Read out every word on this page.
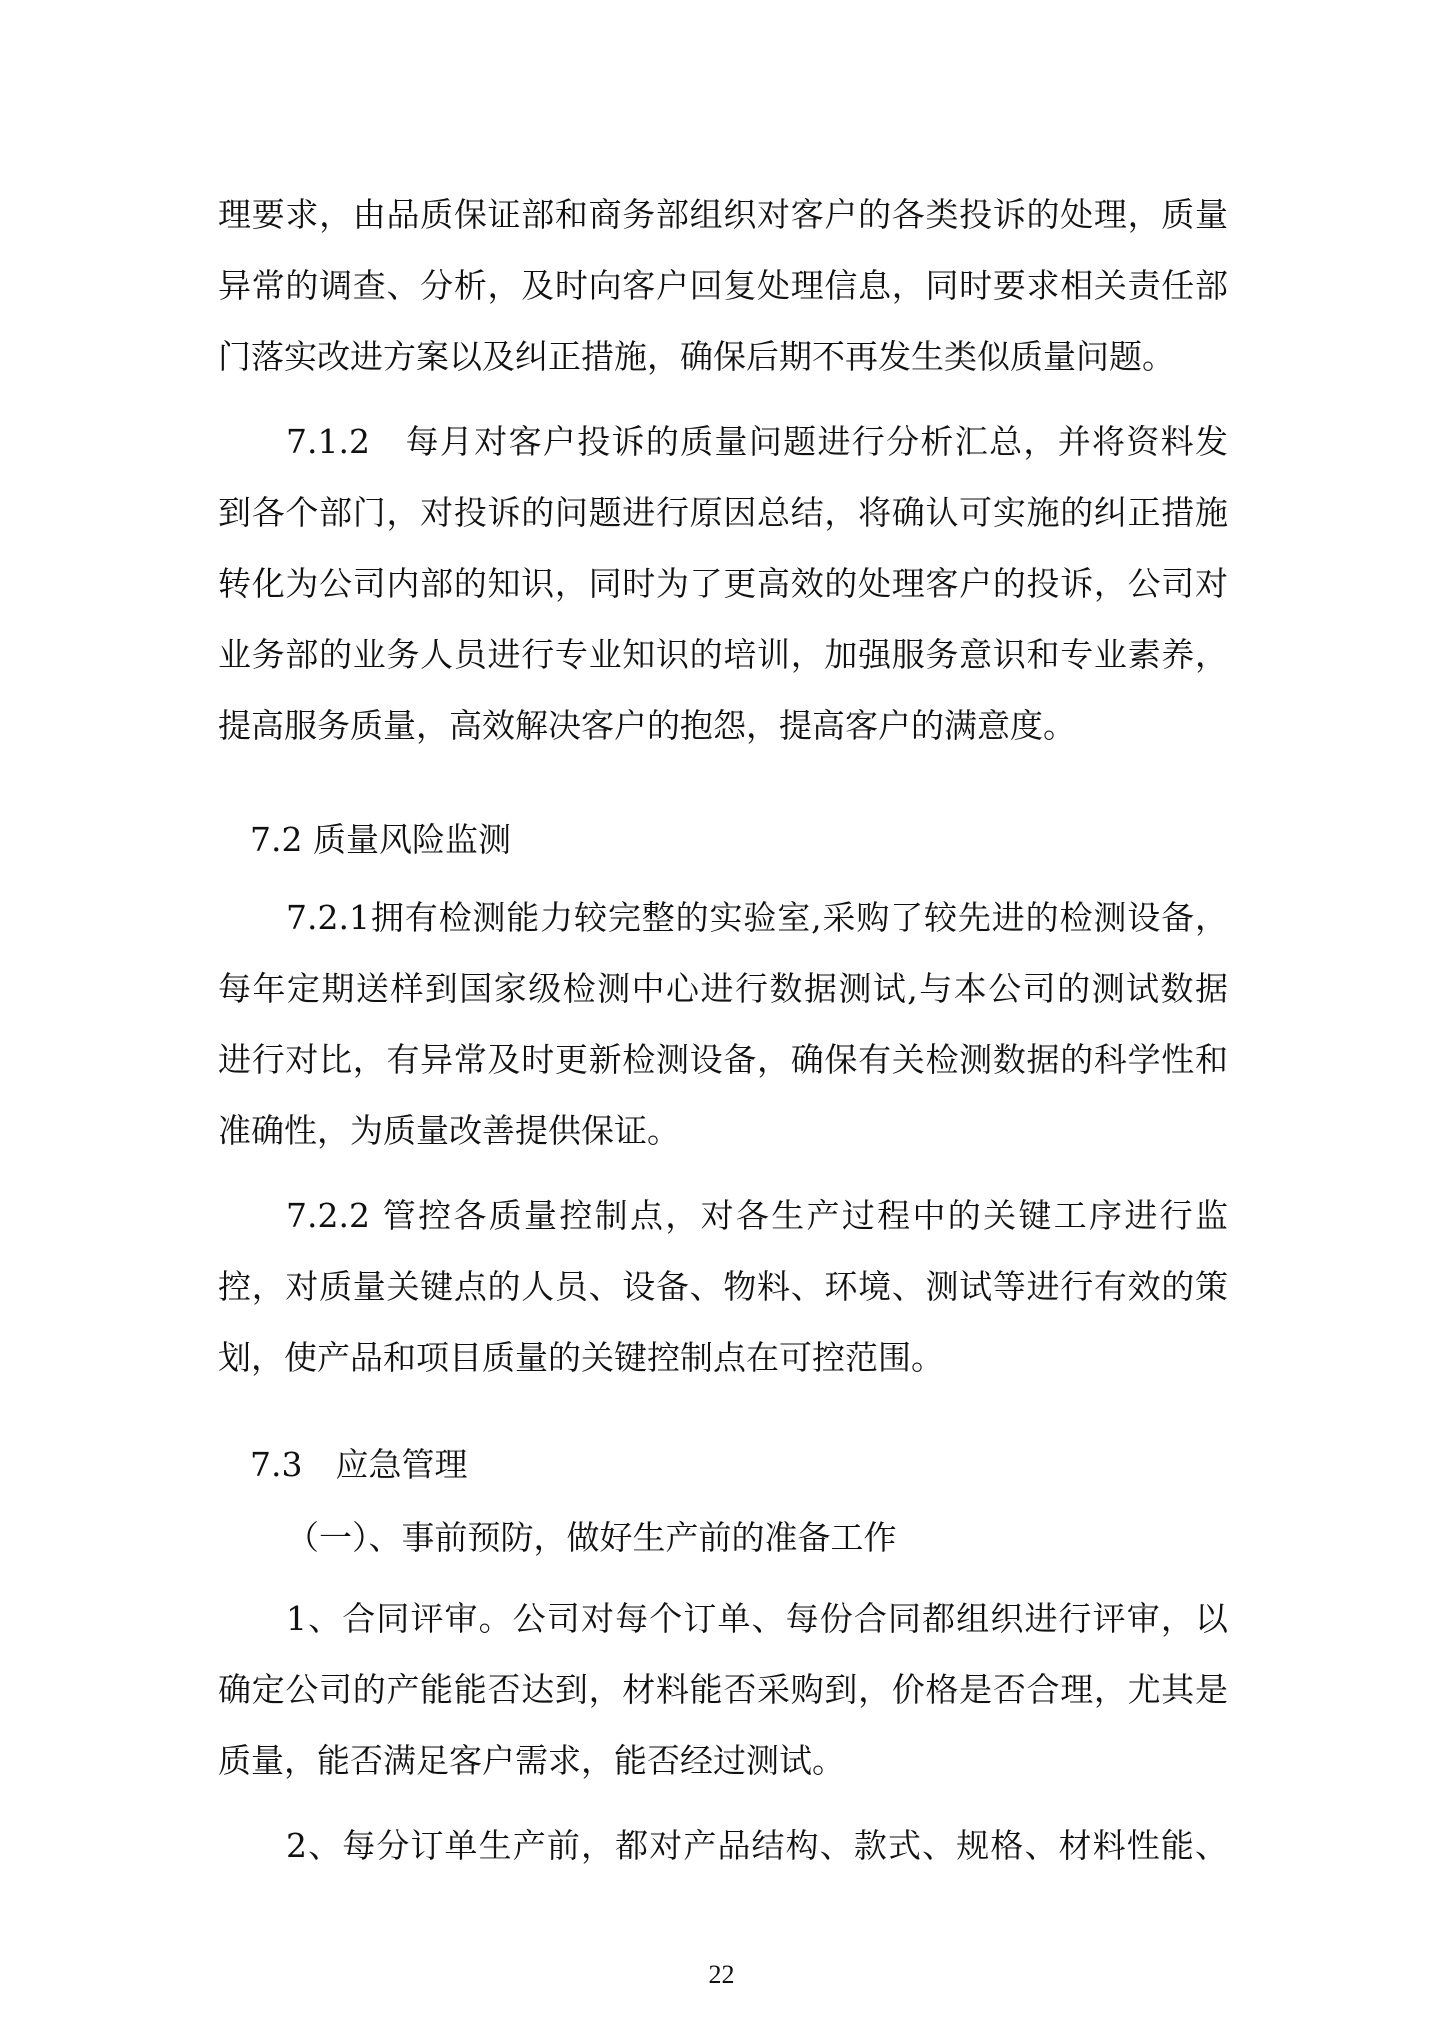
理要求，由品质保证部和商务部组织对客户的各类投诉的处理，质量
异常的调查、分析，及时向客户回复处理信息，同时要求相关责任部
门落实改进方案以及纠正措施，确保后期不再发生类似质量问题。
7.1.2　每月对客户投诉的质量问题进行分析汇总，并将资料发
到各个部门，对投诉的问题进行原因总结，将确认可实施的纠正措施
转化为公司内部的知识，同时为了更高效的处理客户的投诉，公司对
业务部的业务人员进行专业知识的培训，加强服务意识和专业素养，
提高服务质量，高效解决客户的抱怨，提高客户的满意度。
7.2 质量风险监测
7.2.1拥有检测能力较完整的实验室,采购了较先进的检测设备，
每年定期送样到国家级检测中心进行数据测试,与本公司的测试数据
进行对比，有异常及时更新检测设备，确保有关检测数据的科学性和
准确性，为质量改善提供保证。
7.2.2 管控各质量控制点，对各生产过程中的关键工序进行监
控，对质量关键点的人员、设备、物料、环境、测试等进行有效的策
划，使产品和项目质量的关键控制点在可控范围。
7.3　应急管理
（一）、事前预防，做好生产前的准备工作
1、合同评审。公司对每个订单、每份合同都组织进行评审，以
确定公司的产能能否达到，材料能否采购到，价格是否合理，尤其是
质量，能否满足客户需求，能否经过测试。
2、每分订单生产前，都对产品结构、款式、规格、材料性能、
22
